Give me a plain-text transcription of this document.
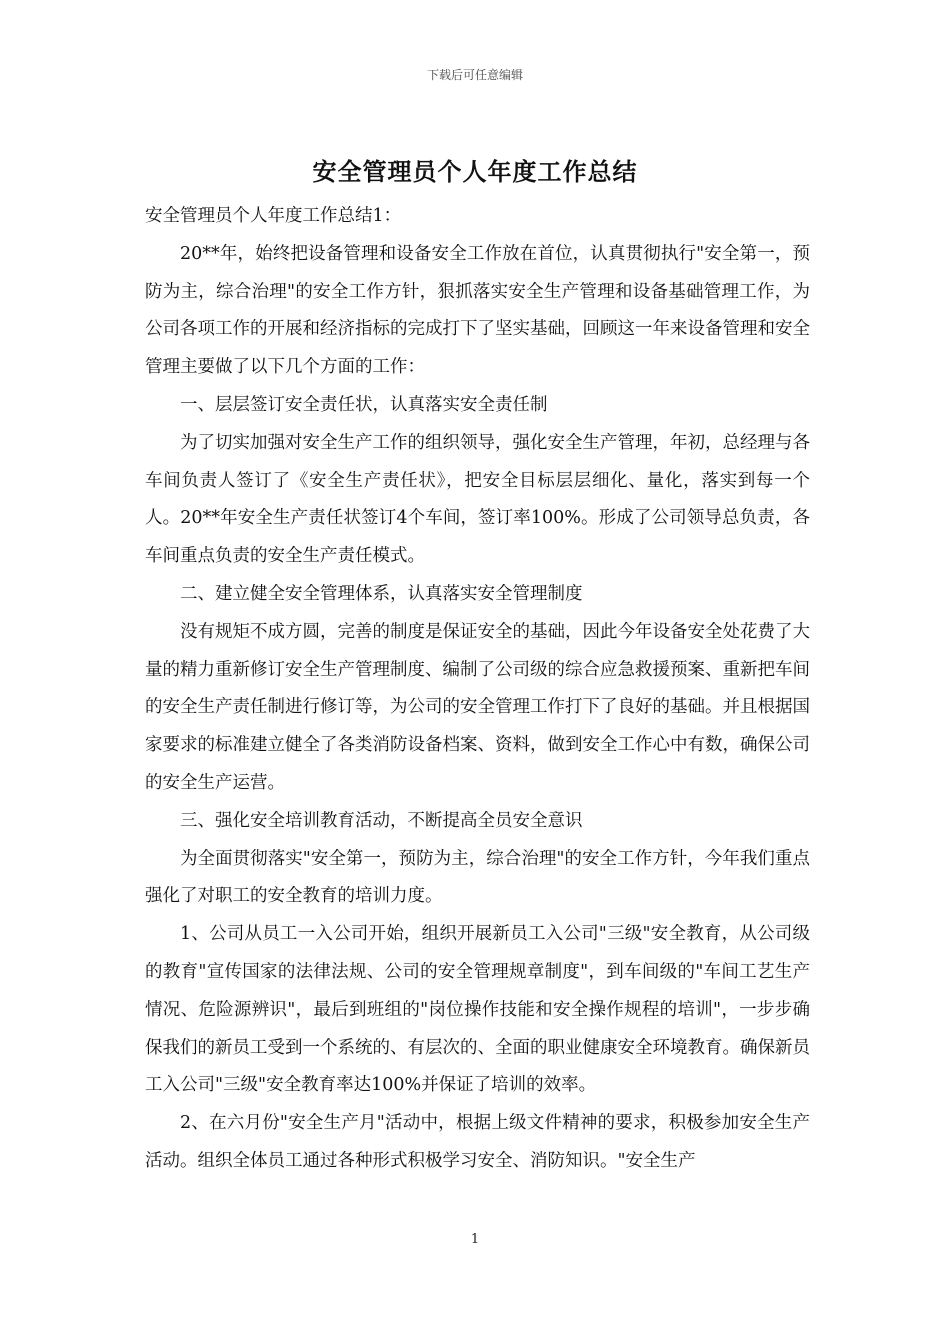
下载后可任意编辑
安全管理员个人年度工作总结

安全管理员个人年度工作总结1：

20**年，始终把设备管理和设备安全工作放在首位，认真贯彻执行"安全第一，预防为主，综合治理"的安全工作方针，狠抓落实安全生产管理和设备基础管理工作，为公司各项工作的开展和经济指标的完成打下了坚实基础，回顾这一年来设备管理和安全管理主要做了以下几个方面的工作：

一、层层签订安全责任状，认真落实安全责任制

为了切实加强对安全生产工作的组织领导，强化安全生产管理，年初，总经理与各车间负责人签订了《安全生产责任状》，把安全目标层层细化、量化，落实到每一个人。20**年安全生产责任状签订4个车间，签订率100%。形成了公司领导总负责，各车间重点负责的安全生产责任模式。

二、建立健全安全管理体系，认真落实安全管理制度

没有规矩不成方圆，完善的制度是保证安全的基础，因此今年设备安全处花费了大量的精力重新修订安全生产管理制度、编制了公司级的综合应急救援预案、重新把车间的安全生产责任制进行修订等，为公司的安全管理工作打下了良好的基础。并且根据国家要求的标准建立健全了各类消防设备档案、资料，做到安全工作心中有数，确保公司的安全生产运营。

三、强化安全培训教育活动，不断提高全员安全意识

为全面贯彻落实"安全第一，预防为主，综合治理"的安全工作方针，今年我们重点强化了对职工的安全教育的培训力度。

1、公司从员工一入公司开始，组织开展新员工入公司"三级"安全教育，从公司级的教育"宣传国家的法律法规、公司的安全管理规章制度"，到车间级的"车间工艺生产情况、危险源辨识"，最后到班组的"岗位操作技能和安全操作规程的培训"，一步步确保我们的新员工受到一个系统的、有层次的、全面的职业健康安全环境教育。确保新员工入公司"三级"安全教育率达100%并保证了培训的效率。

2、在六月份"安全生产月"活动中，根据上级文件精神的要求，积极参加安全生产活动。组织全体员工通过各种形式积极学习安全、消防知识。"安全生产

1
